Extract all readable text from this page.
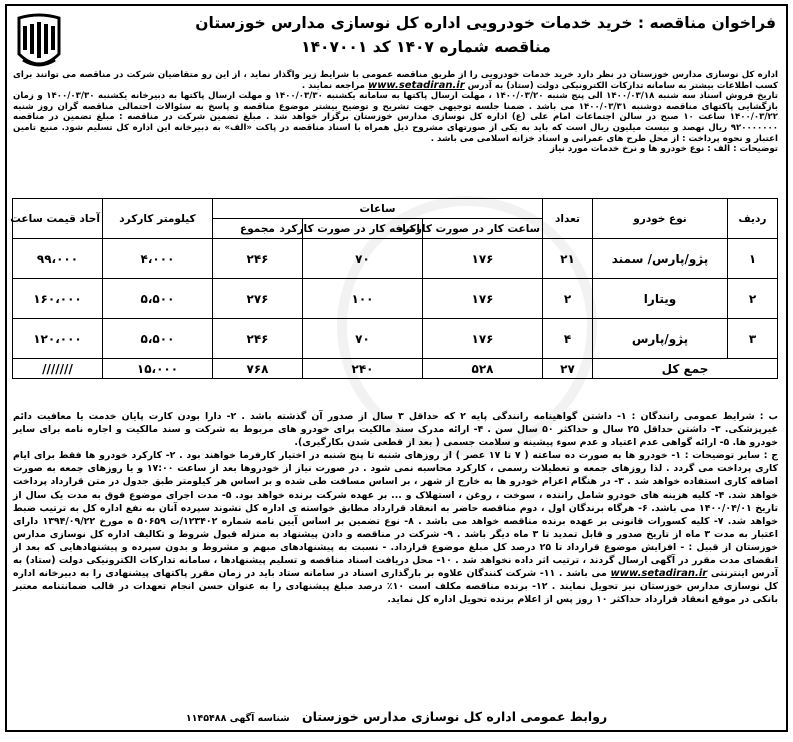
فراخوان مناقصه : خرید خدمات خودرویی اداره کل نوسازی مدارس خوزستان
مناقصه شماره ۱۴۰۷ کد ۱۴۰۷۰۰۱

اداره کل نوسازی مدارس خوزستان در نظر دارد خرید خدمات خودرویی را از طریق مناقصه عمومی با شرایط زیر واگذار نماید ، از این رو متقاضیان شرکت در مناقصه می توانند برای کسب اطلاعات بیشتر به سامانه تدارکات الکترونیکی دولت (ستاد) به آدرس www.setadiran.ir مراجعه نمایند .

تاریخ فروش اسناد سه شنبه ۱۴۰۰/۰۳/۱۸ الی پنج شنبه ۱۴۰۰/۰۳/۲۰ ، مهلت ارسال پاکتها به سامانه یکشنبه ۱۴۰۰/۰۳/۳۰ و مهلت ارسال پاکتها به دبیرخانه یکشنبه ۱۴۰۰/۰۳/۳۰ و زمان بازگشایی پاکتهای مناقصه دوشنبه ۱۴۰۰/۰۳/۳۱ می باشد . ضمنا جلسه توجیهی جهت تشریح و توضیح بیشتر موضوع مناقصه و پاسخ به سئوالات احتمالی مناقصه گران روز شنبه ۱۴۰۰/۰۳/۲۲ ساعت ۱۰ صبح در سالن اجتماعات امام علی (ع) اداره کل نوسازی مدارس خوزستان برگزار خواهد شد . مبلغ تضمین شرکت در مناقصه : مبلغ تضمین در مناقصه ۹۲۰۰۰۰۰۰۰ ریال نهصد و بیست میلیون ریال است که باید به یکی از صورتهای مشروح ذیل همراه با اسناد مناقصه در پاکت «الف» به دبیرخانه این اداره کل تسلیم شود. منبع تامین اعتبار و نحوه پرداخت : از محل طرح های عمرانی و اسناد خزانه اسلامی می باشد .

توضیحات : الف : نوع خودرو ها و نرخ خدمات مورد نیاز

ردیف	نوع خودرو	تعداد	ساعات			کیلومتر کارکرد	آحاد قیمت ساعت
			ساعت کار در صورت کارکرد	اضافه کار در صورت کارکرد	مجموع		
۱	پژو/پارس/ سمند	۲۱	۱۷۶	۷۰	۲۴۶	۴،۰۰۰	۹۹،۰۰۰
۲	ویتارا	۲	۱۷۶	۱۰۰	۲۷۶	۵،۵۰۰	۱۶۰،۰۰۰
۳	پژو/پارس	۴	۱۷۶	۷۰	۲۴۶	۵،۵۰۰	۱۲۰،۰۰۰
جمع کل		۲۷	۵۲۸	۲۴۰	۷۶۸	۱۵،۰۰۰	///////

ب : شرایط عمومی رانندگان : ۱- داشتن گواهینامه رانندگی پایه ۲ که حداقل ۳ سال از صدور آن گذشته باشد . ۲- دارا بودن کارت پایان خدمت یا معافیت دائم غیرپزشکی. ۳- داشتن حداقل ۲۵ سال و حداکثر ۵۰ سال سن . ۴- ارائه مدرک سند مالکیت برای خودرو های مربوط به شرکت و سند مالکیت و اجاره نامه برای سایر خودرو ها. ۵- ارائه گواهی عدم اعتیاد و عدم سوء پیشینه و سلامت جسمی ( بعد از قطعی شدن بکارگیری).

ج : سایر توضیحات : ۱- خودرو ها به صورت ده ساعته ( ۷ تا ۱۷ عصر ) از روزهای شنبه تا پنج شنبه در اختیار کارفرما خواهند بود . ۲- کارکرد خودرو ها فقط برای ایام کاری پرداخت می گردد . لذا روزهای جمعه و تعطیلات رسمی ، کارکرد محاسبه نمی شود . در صورت نیاز از خودروها بعد از ساعت ۱۷:۰۰ و یا روزهای جمعه به صورت اضافه کاری استفاده خواهد شد . ۳- در هنگام اعزام خودرو ها به خارج از شهر ، بر اساس مسافت طی شده و بر اساس هر کیلومتر طبق جدول در متن قرارداد پرداخت خواهد شد. ۴- کلیه هزینه های خودرو شامل راننده ، سوخت ، روغن ، استهلاک و ... بر عهده شرکت برنده خواهد بود. ۵- مدت اجرای موضوع فوق به مدت یک سال از تاریخ ۱۴۰۰/۰۴/۰۱ می باشد. ۶- هرگاه برندگان اول ، دوم مناقصه حاضر به انعقاد قرارداد مطابق خواسته ی اداره کل نشوند سپرده آنان به نفع اداره کل به ترتیب ضبط خواهد شد. ۷- کلیه کسورات قانونی بر عهده برنده مناقصه خواهد می باشد . ۸- نوع تضمین بر اساس آیین نامه شماره ۱۲۳۴۰۲/ت ۵۰۶۵۹ ه مورخ ۱۳۹۴/۰۹/۲۲ دارای اعتبار به مدت ۳ ماه از تاریخ صدور و قابل تمدید تا ۳ ماه دیگر باشد . ۹- شرکت در مناقصه و دادن پیشنهاد به منزله قبول شروط و تکالیف اداره کل نوسازی مدارس خوزستان از قبیل : - افزایش موضوع قرارداد تا ۲۵ درصد کل مبلغ موضوع قرارداد. - نسبت به پیشنهادهای مبهم و مشروط و بدون سپرده و پیشنهادهایی که بعد از انقضای مدت مقرر در آگهی ارسال گردند ، ترتیب اثر داده نخواهد شد . ۱۰- محل دریافت اسناد مناقصه و تسلیم پیشنهادها ، سامانه تدارکات الکترونیکی دولت (ستاد) به آدرس اینترنتی www.setadiran.ir می باشد . ۱۱- شرکت کنندگان علاوه بر بارگذاری اسناد در سامانه ستاد باید در زمان مقرر پاکتهای پیشنهادی را به دبیرخانه اداره کل نوسازی مدارس خوزستان نیز تحویل نمایند . ۱۲- برنده مناقصه مکلف است ۱۰٪ درصد مبلغ پیشنهادی را به عنوان حسن انجام تعهدات در قالب ضمانتنامه معتبر بانکی در موقع انعقاد قرارداد حداکثر ۱۰ روز پس از اعلام برنده تحویل اداره کل نماید.

روابط عمومی اداره کل نوسازی مدارس خوزستان شناسه آگهی ۱۱۴۵۴۸۸
